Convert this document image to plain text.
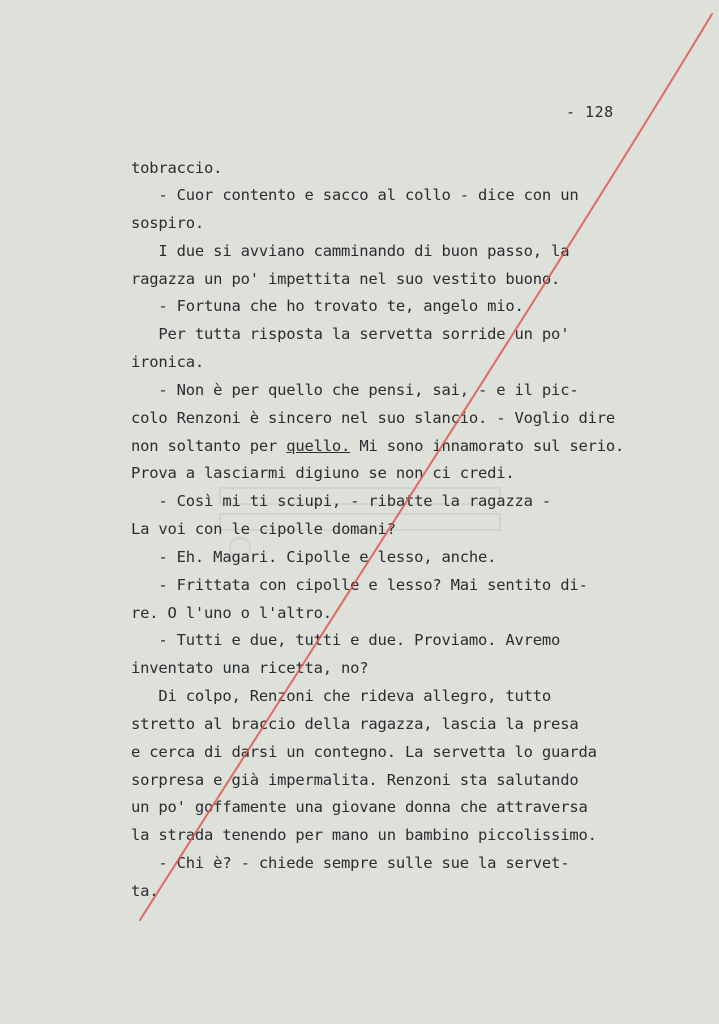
- 128
tobraccio.
- Cuor contento e sacco al collo - dice con un
sospiro.
I due si avviano camminando di buon passo, la
ragazza un po' impettita nel suo vestito buono.
- Fortuna che ho trovato te, angelo mio.
Per tutta risposta la servetta sorride un po'
ironica.
- Non è per quello che pensi, sai, - e il pic-
colo Renzoni è sincero nel suo slancio. - Voglio dire
non soltanto per quello. Mi sono innamorato sul serio.
Prova a lasciarmi digiuno se non ci credi.
- Così mi ti sciupi, - ribatte la ragazza -
La voi con le cipolle domani?
- Eh. Magari. Cipolle e lesso, anche.
- Frittata con cipolle e lesso? Mai sentito di-
re. O l'uno o l'altro.
- Tutti e due, tutti e due. Proviamo. Avremo
inventato una ricetta, no?
Di colpo, Renzoni che rideva allegro, tutto
stretto al braccio della ragazza, lascia la presa
e cerca di darsi un contegno. La servetta lo guarda
sorpresa e già impermalita. Renzoni sta salutando
un po' goffamente una giovane donna che attraversa
la strada tenendo per mano un bambino piccolissimo.
- Chi è? - chiede sempre sulle sue la servet-
ta.
